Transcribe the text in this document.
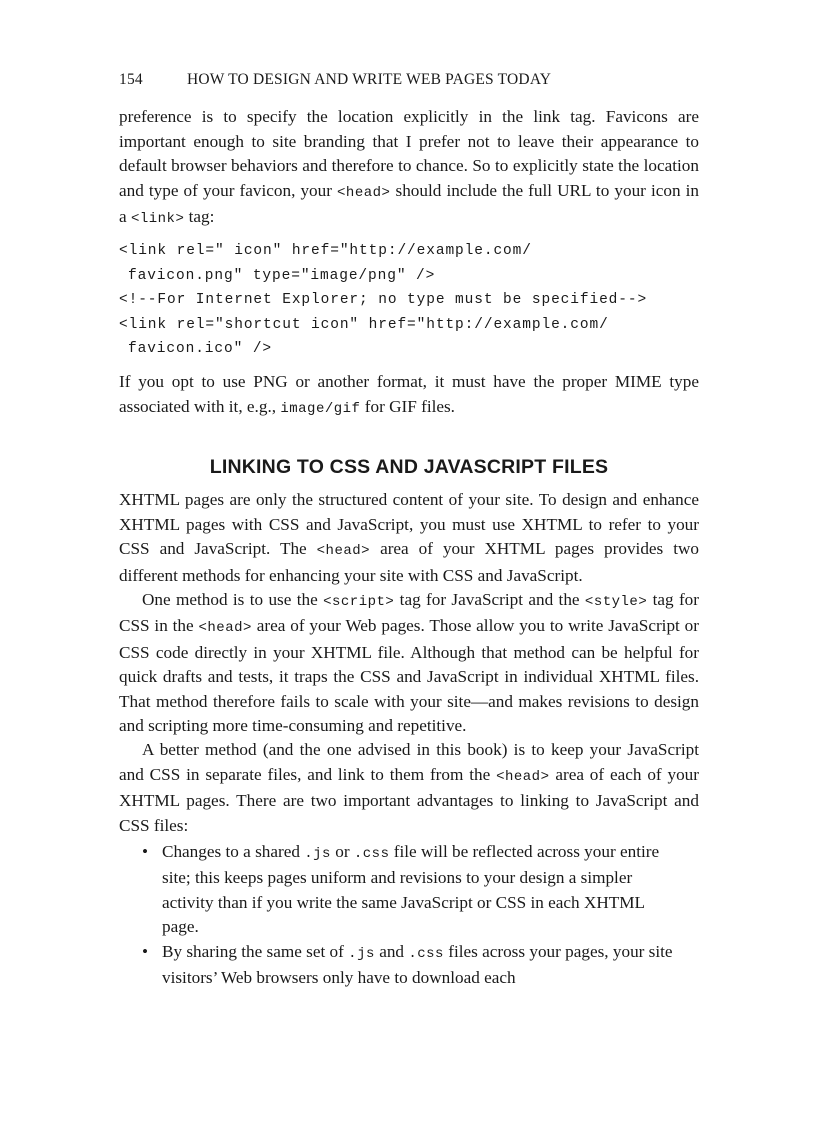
154	HOW TO DESIGN AND WRITE WEB PAGES TODAY

preference is to specify the location explicitly in the link tag. Favicons are important enough to site branding that I prefer not to leave their appearance to default browser behaviors and therefore to chance. So to explicitly state the location and type of your favicon, your <head> should include the full URL to your icon in a <link> tag:

<link rel=" icon" href="http://example.com/
favicon.png" type="image/png" />
<!--For Internet Explorer; no type must be specified-->
<link rel="shortcut icon" href="http://example.com/
favicon.ico" />

If you opt to use PNG or another format, it must have the proper MIME type associated with it, e.g., image/gif for GIF files.

LINKING TO CSS AND JAVASCRIPT FILES

XHTML pages are only the structured content of your site. To design and enhance XHTML pages with CSS and JavaScript, you must use XHTML to refer to your CSS and JavaScript. The <head> area of your XHTML pages provides two different methods for enhancing your site with CSS and JavaScript.

One method is to use the <script> tag for JavaScript and the <style> tag for CSS in the <head> area of your Web pages. Those allow you to write JavaScript or CSS code directly in your XHTML file. Although that method can be helpful for quick drafts and tests, it traps the CSS and JavaScript in individual XHTML files. That method therefore fails to scale with your site—and makes revisions to design and scripting more time-consuming and repetitive.

A better method (and the one advised in this book) is to keep your JavaScript and CSS in separate files, and link to them from the <head> area of each of your XHTML pages. There are two important advantages to linking to JavaScript and CSS files:

• Changes to a shared .js or .css file will be reflected across your entire site; this keeps pages uniform and revisions to your design a simpler activity than if you write the same JavaScript or CSS in each XHTML page.
• By sharing the same set of .js and .css files across your pages, your site visitors’ Web browsers only have to download each
